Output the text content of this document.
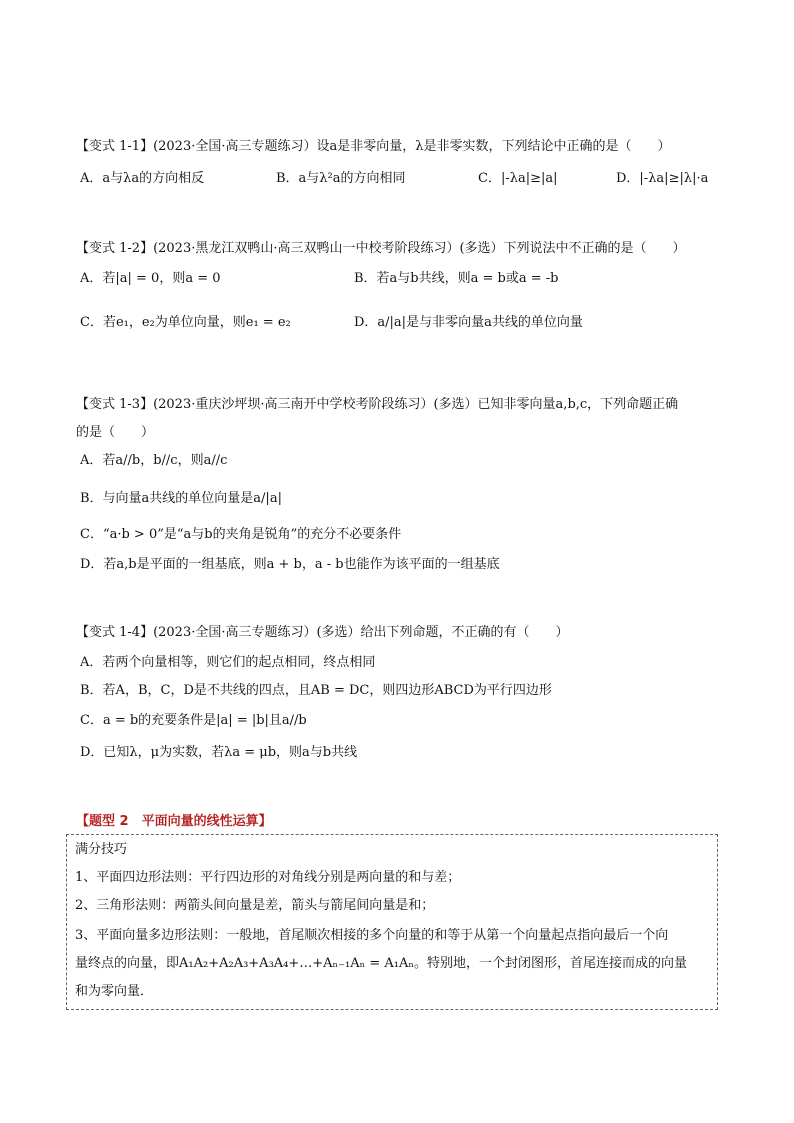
【变式 1-1】(2023·全国·高三专题练习）设a是非零向量，λ是非零实数，下列结论中正确的是（　　）
A．a与λa的方向相反	B．a与λ²a的方向相同	C．|-λa|≥|a|	D．|-λa|≥|λ|·a
【变式 1-2】(2023·黑龙江双鸭山·高三双鸭山一中校考阶段练习）(多选）下列说法中不正确的是（　　）
A．若|a| = 0，则a = 0	B．若a与b共线，则a = b或a = -b
C．若e₁，e₂为单位向量，则e₁ = e₂	D．a/|a|是与非零向量a共线的单位向量
【变式 1-3】(2023·重庆沙坪坝·高三南开中学校考阶段练习）(多选）已知非零向量a,b,c，下列命题正确
的是（　　）
A．若a//b，b//c，则a//c
B．与向量a共线的单位向量是a/|a|
C．“a·b > 0”是“a与b的夹角是锐角”的充分不必要条件
D．若a,b是平面的一组基底，则a + b，a - b也能作为该平面的一组基底
【变式 1-4】(2023·全国·高三专题练习）(多选）给出下列命题，不正确的有（　　）
A．若两个向量相等，则它们的起点相同，终点相同
B．若A，B，C，D是不共线的四点，且AB = DC，则四边形ABCD为平行四边形
C．a = b的充要条件是|a| = |b|且a//b
D．已知λ，μ为实数，若λa = μb，则a与b共线
【题型 2　平面向量的线性运算】
满分技巧
1、平面四边形法则：平行四边形的对角线分别是两向量的和与差；
2、三角形法则：两箭头间向量是差，箭头与箭尾间向量是和；
3、平面向量多边形法则：一般地，首尾顺次相接的多个向量的和等于从第一个向量起点指向最后一个向
量终点的向量，即A₁A₂+A₂A₃+A₃A₄+…+Aₙ₋₁Aₙ = A₁Aₙ。特别地，一个封闭图形，首尾连接而成的向量
和为零向量．
